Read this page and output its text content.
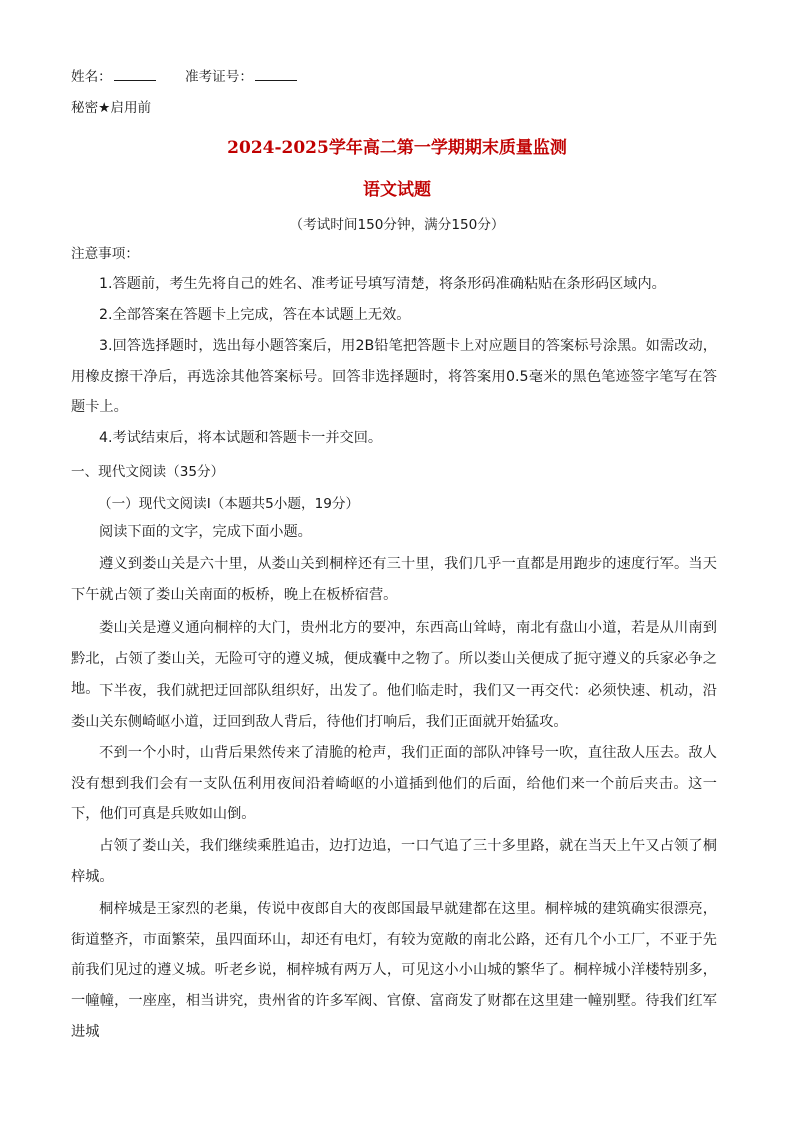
姓名：	准考证号：
秘密★启用前
2024-2025学年高二第一学期期末质量监测
语文试题
（考试时间150分钟，满分150分）
注意事项：
1.答题前，考生先将自己的姓名、准考证号填写清楚，将条形码准确粘贴在条形码区域内。
2.全部答案在答题卡上完成，答在本试题上无效。
3.回答选择题时，选出每小题答案后，用2B铅笔把答题卡上对应题目的答案标号涂黑。如需改动，用橡皮擦干净后，再选涂其他答案标号。回答非选择题时，将答案用0.5毫米的黑色笔迹签字笔写在答题卡上。
4.考试结束后，将本试题和答题卡一并交回。
一、现代文阅读（35分）
（一）现代文阅读Ⅰ（本题共5小题，19分）
阅读下面的文字，完成下面小题。
遵义到娄山关是六十里，从娄山关到桐梓还有三十里，我们几乎一直都是用跑步的速度行军。当天下午就占领了娄山关南面的板桥，晚上在板桥宿营。
娄山关是遵义通向桐梓的大门，贵州北方的要冲，东西高山耸峙，南北有盘山小道，若是从川南到黔北，占领了娄山关，无险可守的遵义城，便成囊中之物了。所以娄山关便成了扼守遵义的兵家必争之地。 下半夜，我们就把迂回部队组织好，出发了。他们临走时，我们又一再交代：必须快速、机动，沿娄山关东侧崎岖小道，迂回到敌人背后，待他们打响后，我们正面就开始猛攻。
不到一个小时，山背后果然传来了清脆的枪声，我们正面的部队冲锋号一吹，直往敌人压去。敌人没有想到我们会有一支队伍利用夜间沿着崎岖的小道插到他们的后面，给他们来一个前后夹击。这一下，他们可真是兵败如山倒。
占领了娄山关，我们继续乘胜追击，边打边追，一口气追了三十多里路，就在当天上午又占领了桐梓城。
桐梓城是王家烈的老巢，传说中夜郎自大的夜郎国最早就建都在这里。桐梓城的建筑确实很漂亮，街道整齐，市面繁荣，虽四面环山，却还有电灯，有较为宽敞的南北公路，还有几个小工厂，不亚于先前我们见过的遵义城。听老乡说，桐梓城有两万人，可见这小小山城的繁华了。桐梓城小洋楼特别多，一幢幢，一座座，相当讲究，贵州省的许多军阀、官僚、富商发了财都在这里建一幢别墅。待我们红军进城
